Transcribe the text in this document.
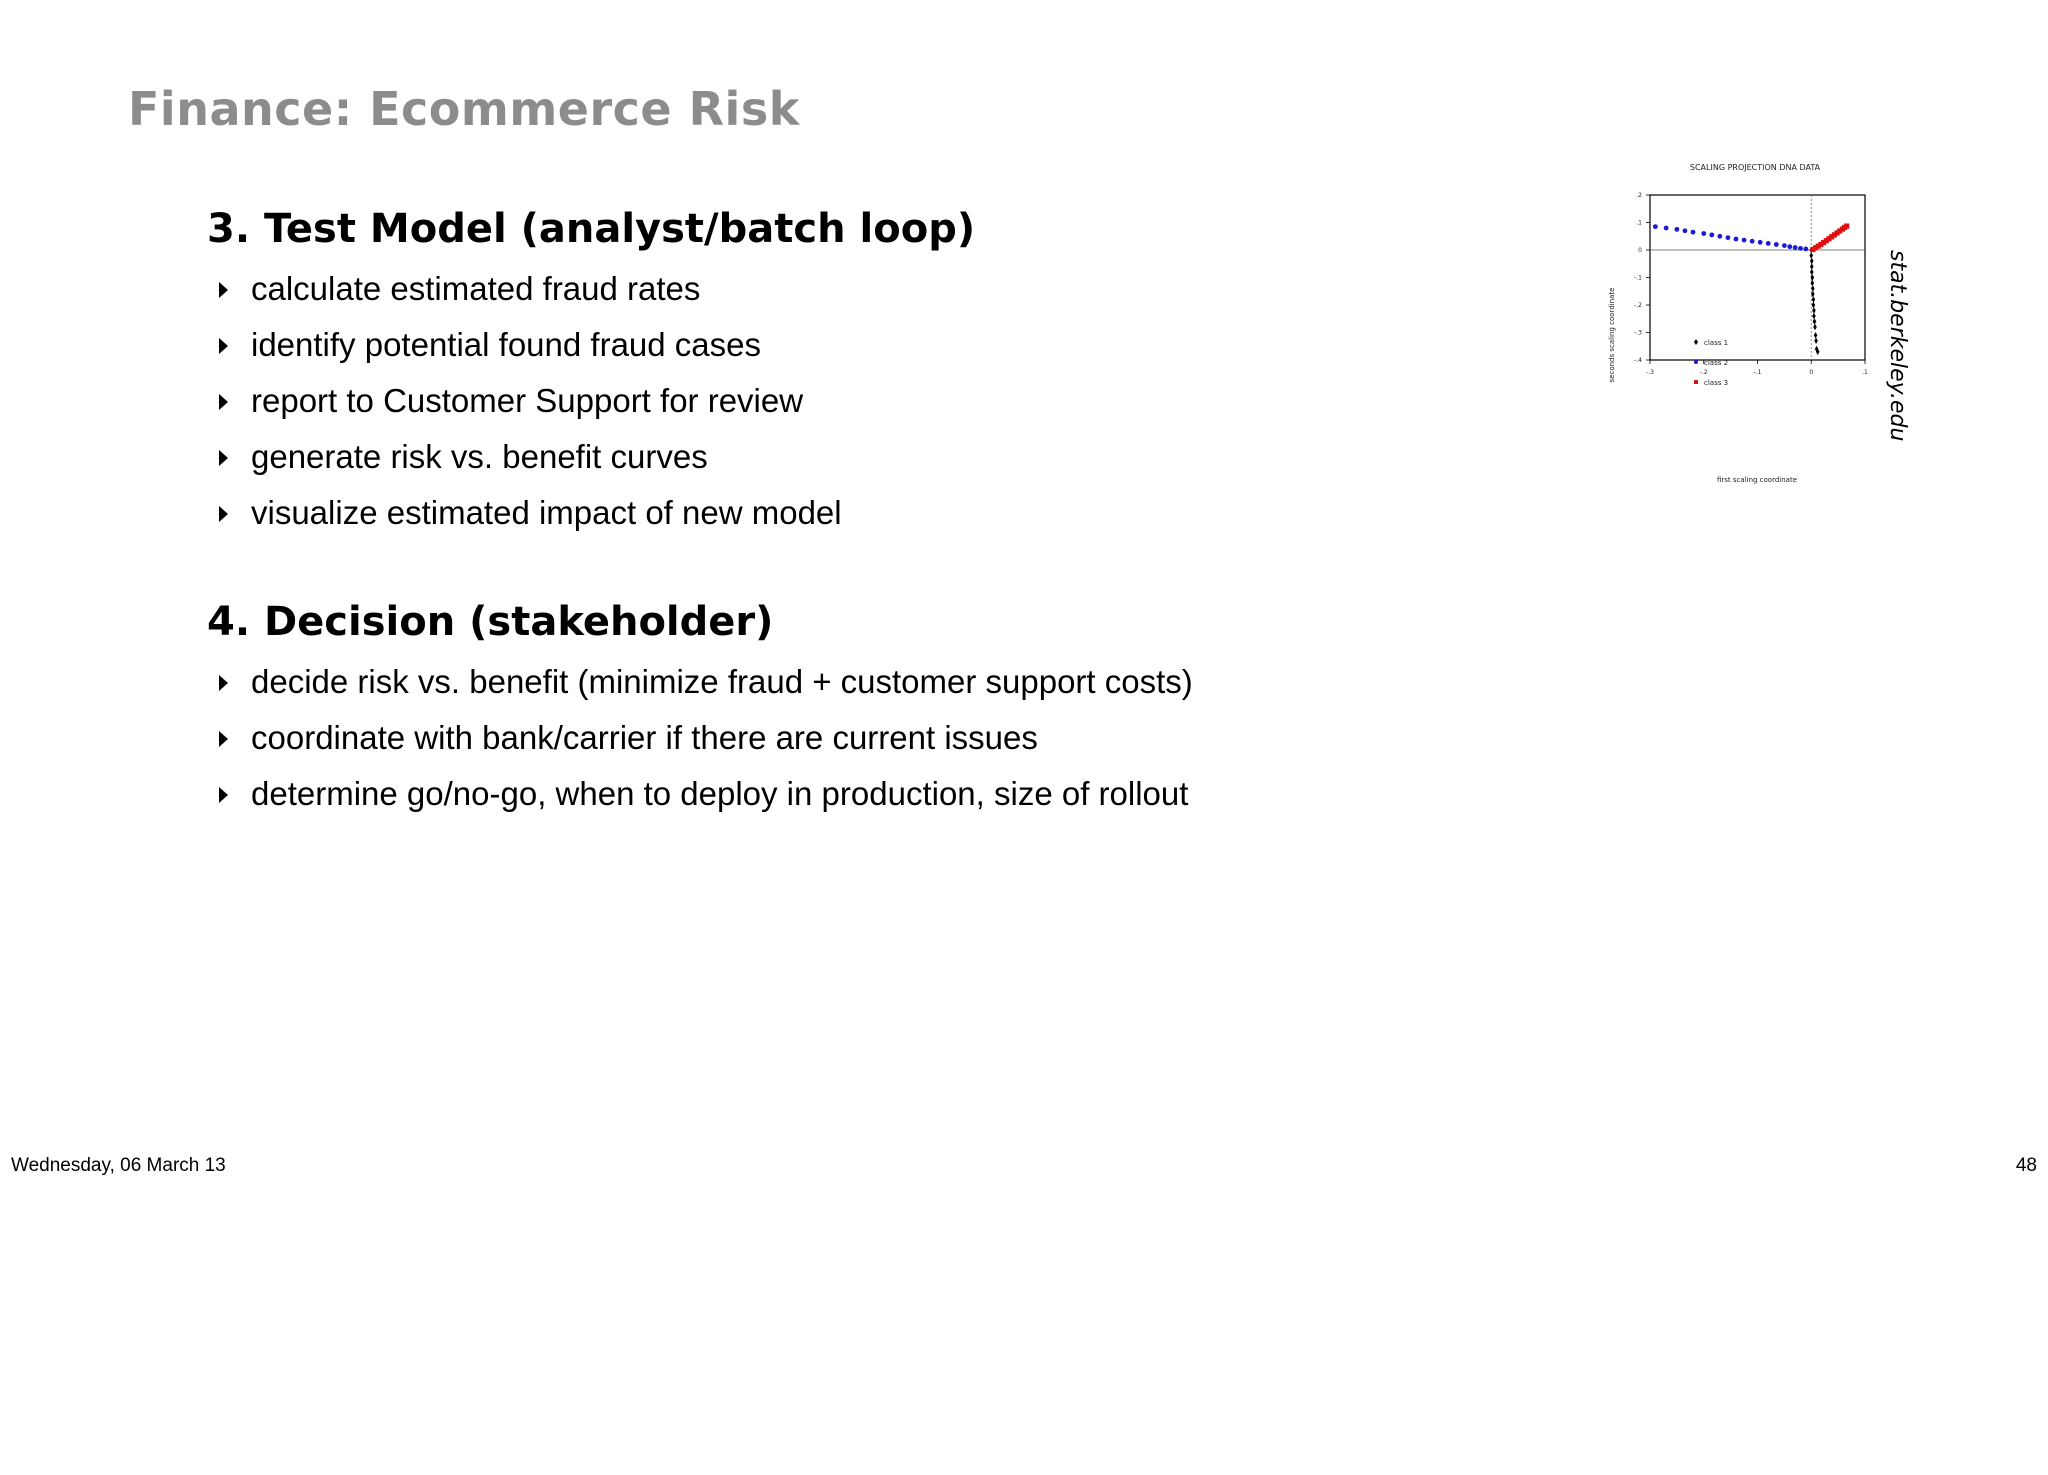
Finance: Ecommerce Risk
3. Test Model (analyst/batch loop)
calculate estimated fraud rates
identify potential found fraud cases
report to Customer Support for review
generate risk vs. benefit curves
visualize estimated impact of new model
4. Decision (stakeholder)
decide risk vs. benefit (minimize fraud + customer support costs)
coordinate with bank/carrier if there are current issues
determine go/no-go, when to deploy in production, size of rollout
SCALING PROJECTION DNA DATA
-.3	-.2	-.1	0	.1
.2
.1
0
-.1
-.2
-.3
-.4
class 1
class 2
class 3
first scaling coordinate
seconds scaling coordinate	stat.berkeley.edu
Wednesday, 06 March 13	48
